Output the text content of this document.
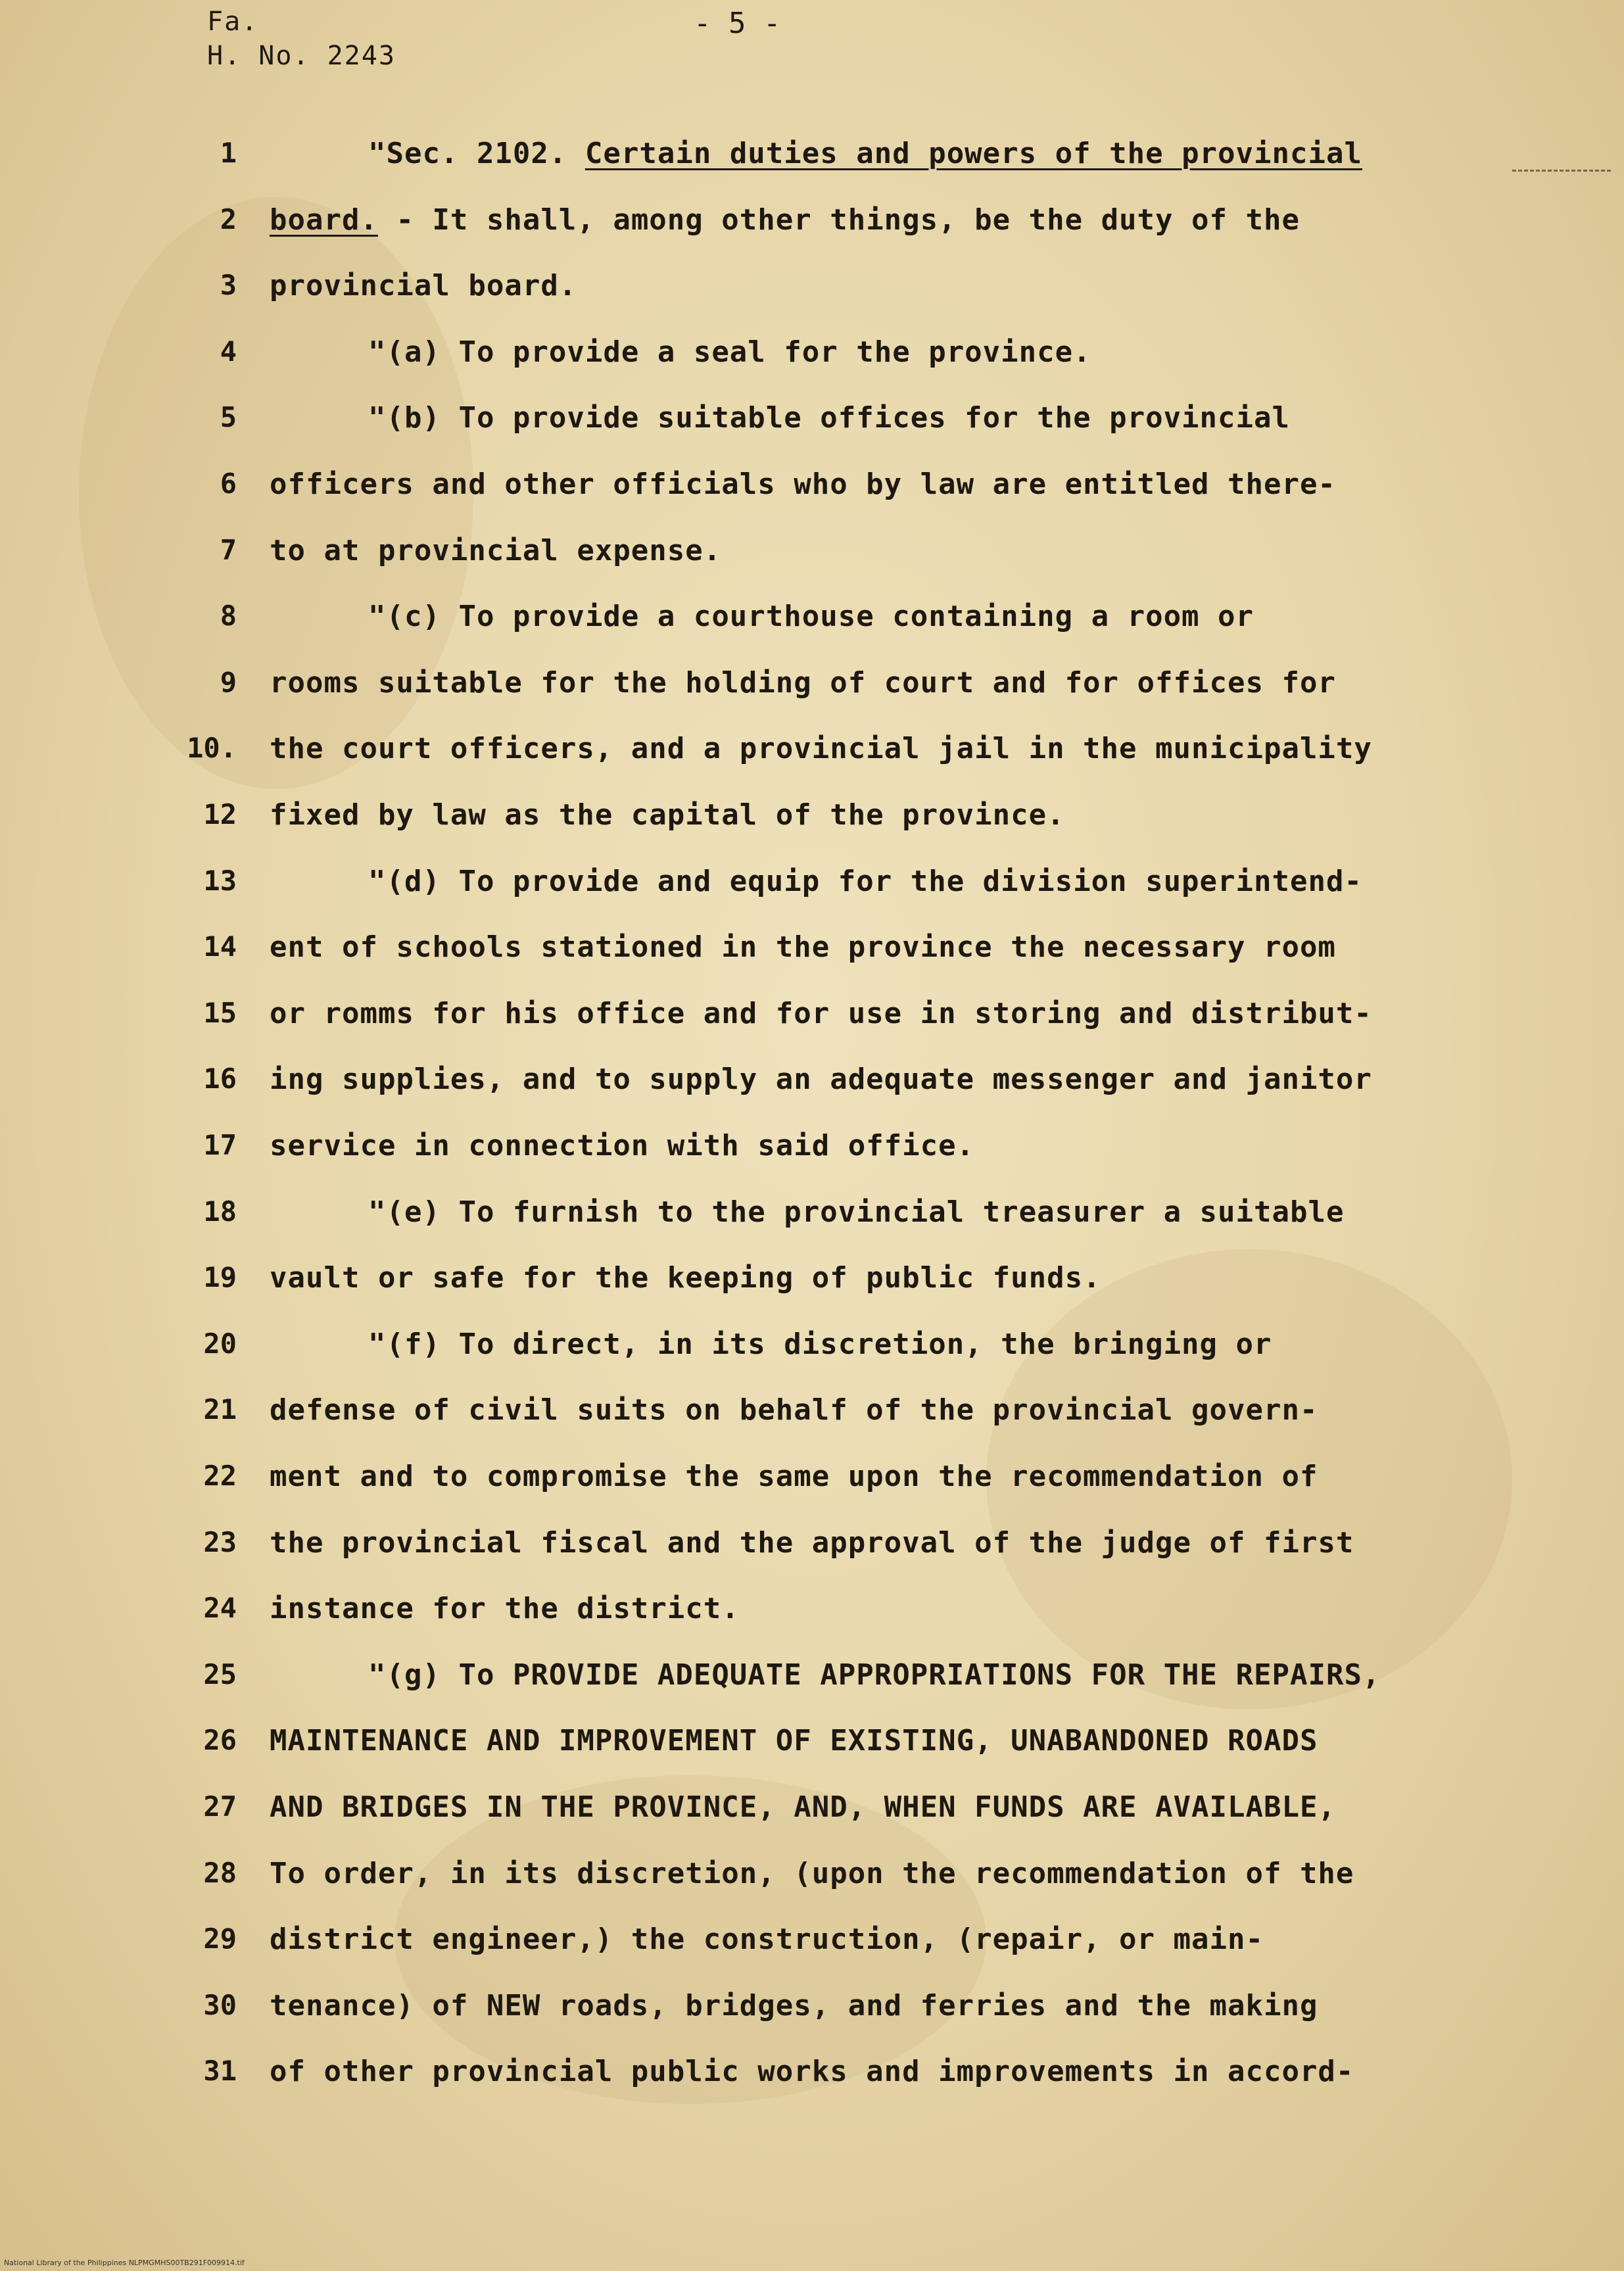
Fa.
H. No. 2243
- 5 -
1	"Sec. 2102. Certain duties and powers of the provincial
2 board. - It shall, among other things, be the duty of the
3 provincial board.
4	"(a) To provide a seal for the province.
5	"(b) To provide suitable offices for the provincial
6 officers and other officials who by law are entitled there-
7 to at provincial expense.
8	"(c) To provide a courthouse containing a room or
9 rooms suitable for the holding of court and for offices for
10. the court officers, and a provincial jail in the municipality
12 fixed by law as the capital of the province.
13	"(d) To provide and equip for the division superintend-
14 ent of schools stationed in the province the necessary room
15 or romms for his office and for use in storing and distribut-
16 ing supplies, and to supply an adequate messenger and janitor
17 service in connection with said office.
18	"(e) To furnish to the provincial treasurer a suitable
19 vault or safe for the keeping of public funds.
20	"(f) To direct, in its discretion, the bringing or
21 defense of civil suits on behalf of the provincial govern-
22 ment and to compromise the same upon the recommendation of
23 the provincial fiscal and the approval of the judge of first
24 instance for the district.
25	"(g) To PROVIDE ADEQUATE APPROPRIATIONS FOR THE REPAIRS,
26 MAINTENANCE AND IMPROVEMENT OF EXISTING, UNABANDONED ROADS
27 AND BRIDGES IN THE PROVINCE, AND, WHEN FUNDS ARE AVAILABLE,
28 To order, in its discretion, (upon the recommendation of the
29 district engineer,) the construction, (repair, or main-
30 tenance) of NEW roads, bridges, and ferries and the making
31 of other provincial public works and improvements in accord-
National Library of the Philippines NLPMGMHS00TB291F009914.tif
